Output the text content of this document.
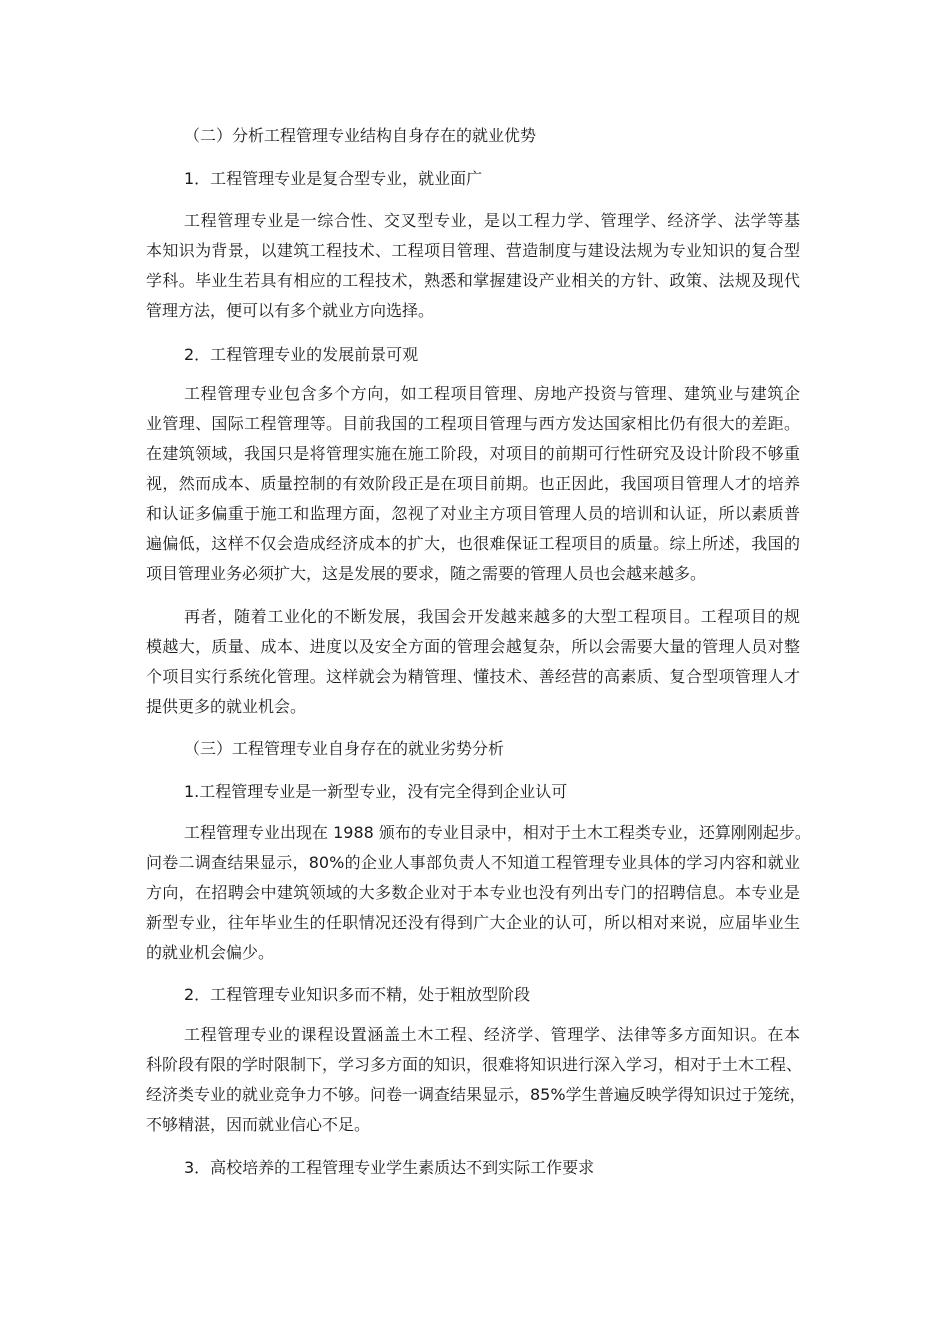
（二）分析工程管理专业结构自身存在的就业优势
1．工程管理专业是复合型专业，就业面广
工程管理专业是一综合性、交叉型专业，是以工程力学、管理学、经济学、法学等基
本知识为背景，以建筑工程技术、工程项目管理、营造制度与建设法规为专业知识的复合型
学科。毕业生若具有相应的工程技术，熟悉和掌握建设产业相关的方针、政策、法规及现代
管理方法，便可以有多个就业方向选择。
2．工程管理专业的发展前景可观
工程管理专业包含多个方向，如工程项目管理、房地产投资与管理、建筑业与建筑企
业管理、国际工程管理等。目前我国的工程项目管理与西方发达国家相比仍有很大的差距。
在建筑领域，我国只是将管理实施在施工阶段，对项目的前期可行性研究及设计阶段不够重
视，然而成本、质量控制的有效阶段正是在项目前期。也正因此，我国项目管理人才的培养
和认证多偏重于施工和监理方面，忽视了对业主方项目管理人员的培训和认证，所以素质普
遍偏低，这样不仅会造成经济成本的扩大，也很难保证工程项目的质量。综上所述，我国的
项目管理业务必须扩大，这是发展的要求，随之需要的管理人员也会越来越多。
再者，随着工业化的不断发展，我国会开发越来越多的大型工程项目。工程项目的规
模越大，质量、成本、进度以及安全方面的管理会越复杂，所以会需要大量的管理人员对整
个项目实行系统化管理。这样就会为精管理、懂技术、善经营的高素质、复合型项管理人才
提供更多的就业机会。
（三）工程管理专业自身存在的就业劣势分析
1.工程管理专业是一新型专业，没有完全得到企业认可
工程管理专业出现在 1988 颁布的专业目录中，相对于土木工程类专业，还算刚刚起步。
问卷二调查结果显示，80%的企业人事部负责人不知道工程管理专业具体的学习内容和就业
方向，在招聘会中建筑领域的大多数企业对于本专业也没有列出专门的招聘信息。本专业是
新型专业，往年毕业生的任职情况还没有得到广大企业的认可，所以相对来说，应届毕业生
的就业机会偏少。
2．工程管理专业知识多而不精，处于粗放型阶段
工程管理专业的课程设置涵盖土木工程、经济学、管理学、法律等多方面知识。在本
科阶段有限的学时限制下，学习多方面的知识，很难将知识进行深入学习，相对于土木工程、
经济类专业的就业竞争力不够。问卷一调查结果显示，85%学生普遍反映学得知识过于笼统，
不够精湛，因而就业信心不足。
3．高校培养的工程管理专业学生素质达不到实际工作要求
